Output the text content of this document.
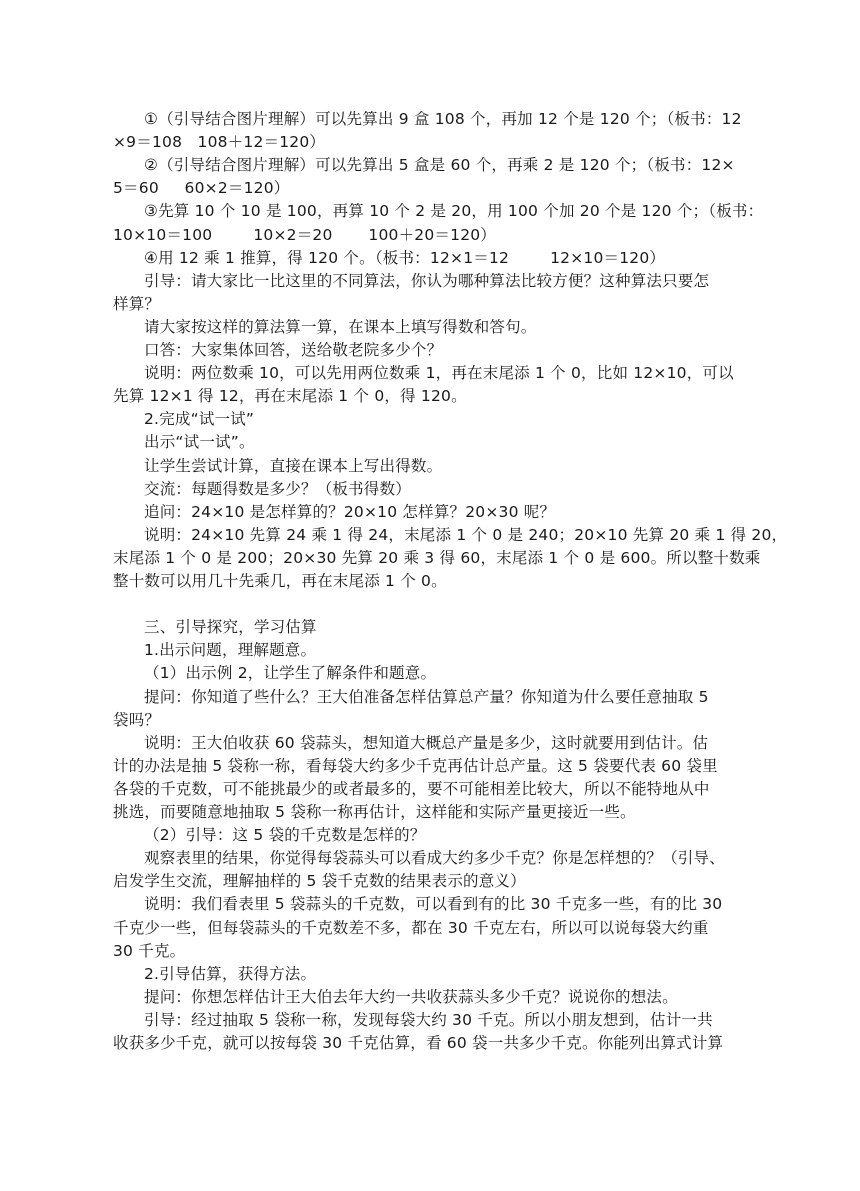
①（引导结合图片理解）可以先算出 9 盒 108 个，再加 12 个是 120 个；（板书：12
×9＝108   108＋12＝120）
②（引导结合图片理解）可以先算出 5 盒是 60 个，再乘 2 是 120 个；（板书：12×
5＝60     60×2＝120）
③先算 10 个 10 是 100，再算 10 个 2 是 20，用 100 个加 20 个是 120 个；（板书：
10×10＝100        10×2＝20       100＋20＝120）
④用 12 乘 1 推算，得 120 个。（板书：12×1＝12        12×10＝120）
引导：请大家比一比这里的不同算法，你认为哪种算法比较方便？这种算法只要怎
样算？
请大家按这样的算法算一算，在课本上填写得数和答句。
口答：大家集体回答，送给敬老院多少个？
说明：两位数乘 10，可以先用两位数乘 1，再在末尾添 1 个 0，比如 12×10，可以
先算 12×1 得 12，再在末尾添 1 个 0，得 120。
2.完成“试一试”
出示“试一试”。
让学生尝试计算，直接在课本上写出得数。
交流：每题得数是多少？（板书得数）
追问：24×10 是怎样算的？20×10 怎样算？20×30 呢？
说明：24×10 先算 24 乘 1 得 24，末尾添 1 个 0 是 240；20×10 先算 20 乘 1 得 20，
末尾添 1 个 0 是 200；20×30 先算 20 乘 3 得 60，末尾添 1 个 0 是 600。所以整十数乘
整十数可以用几十先乘几，再在末尾添 1 个 0。
三、引导探究，学习估算
1.出示问题，理解题意。
（1）出示例 2，让学生了解条件和题意。
提问：你知道了些什么？王大伯准备怎样估算总产量？你知道为什么要任意抽取 5
袋吗？
说明：王大伯收获 60 袋蒜头，想知道大概总产量是多少，这时就要用到估计。估
计的办法是抽 5 袋称一称，看每袋大约多少千克再估计总产量。这 5 袋要代表 60 袋里
各袋的千克数，可不能挑最少的或者最多的，要不可能相差比较大，所以不能特地从中
挑选，而要随意地抽取 5 袋称一称再估计，这样能和实际产量更接近一些。
（2）引导：这 5 袋的千克数是怎样的？
观察表里的结果，你觉得每袋蒜头可以看成大约多少千克？你是怎样想的？（引导、
启发学生交流，理解抽样的 5 袋千克数的结果表示的意义）
说明：我们看表里 5 袋蒜头的千克数，可以看到有的比 30 千克多一些，有的比 30
千克少一些，但每袋蒜头的千克数差不多，都在 30 千克左右，所以可以说每袋大约重
30 千克。
2.引导估算，获得方法。
提问：你想怎样估计王大伯去年大约一共收获蒜头多少千克？说说你的想法。
引导：经过抽取 5 袋称一称，发现每袋大约 30 千克。所以小朋友想到，估计一共
收获多少千克，就可以按每袋 30 千克估算，看 60 袋一共多少千克。你能列出算式计算
